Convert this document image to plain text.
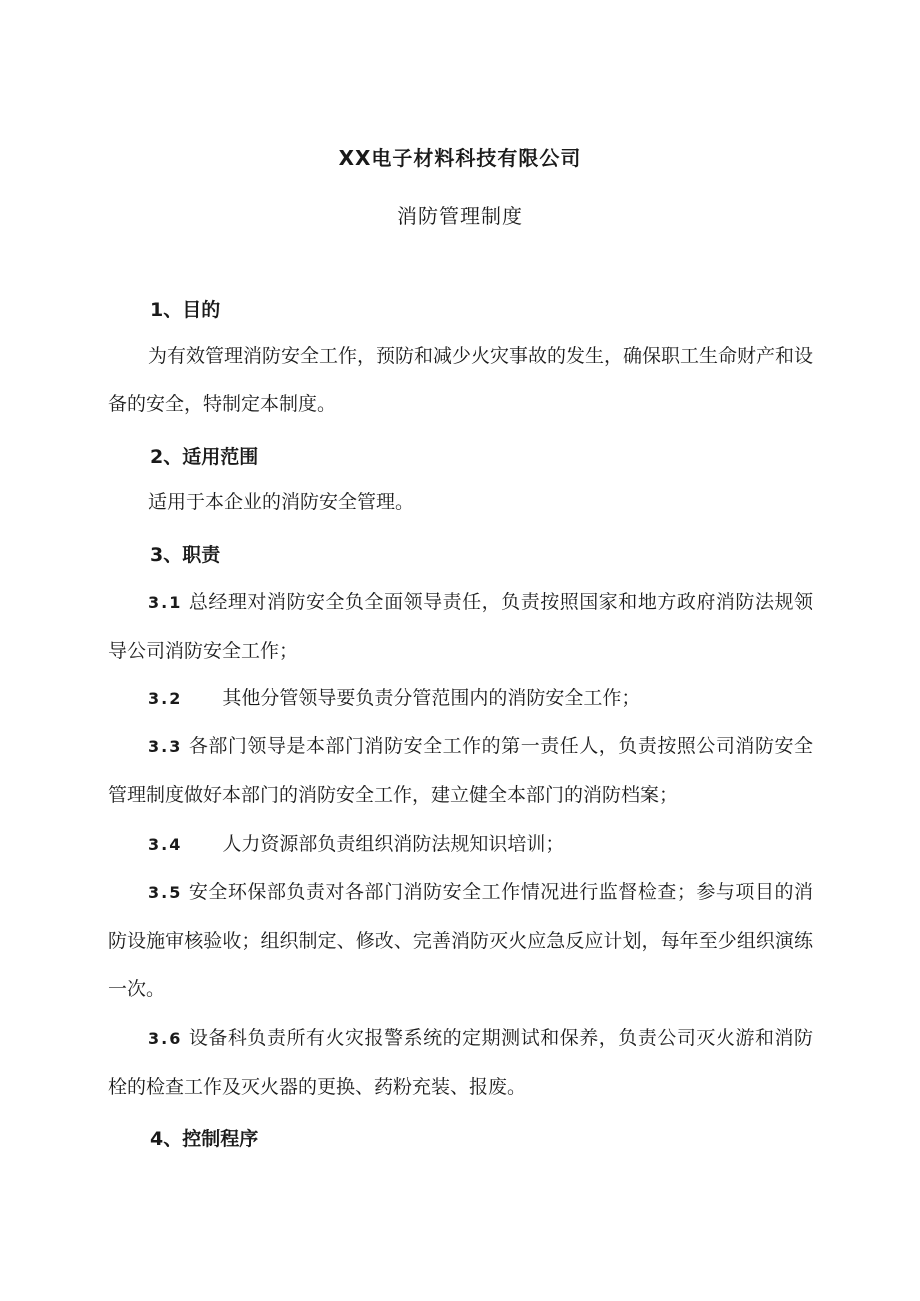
XX电子材料科技有限公司
消防管理制度
1、目的
为有效管理消防安全工作，预防和减少火灾事故的发生，确保职工生命财产和设备的安全，特制定本制度。
2、适用范围
适用于本企业的消防安全管理。
3、职责
3.1 总经理对消防安全负全面领导责任，负责按照国家和地方政府消防法规领导公司消防安全工作；
3.2 其他分管领导要负责分管范围内的消防安全工作；
3.3 各部门领导是本部门消防安全工作的第一责任人，负责按照公司消防安全管理制度做好本部门的消防安全工作，建立健全本部门的消防档案；
3.4 人力资源部负责组织消防法规知识培训；
3.5 安全环保部负责对各部门消防安全工作情况进行监督检查；参与项目的消防设施审核验收；组织制定、修改、完善消防灭火应急反应计划，每年至少组织演练一次。
3.6 设备科负责所有火灾报警系统的定期测试和保养，负责公司灭火游和消防栓的检查工作及灭火器的更换、药粉充装、报废。
4、控制程序
